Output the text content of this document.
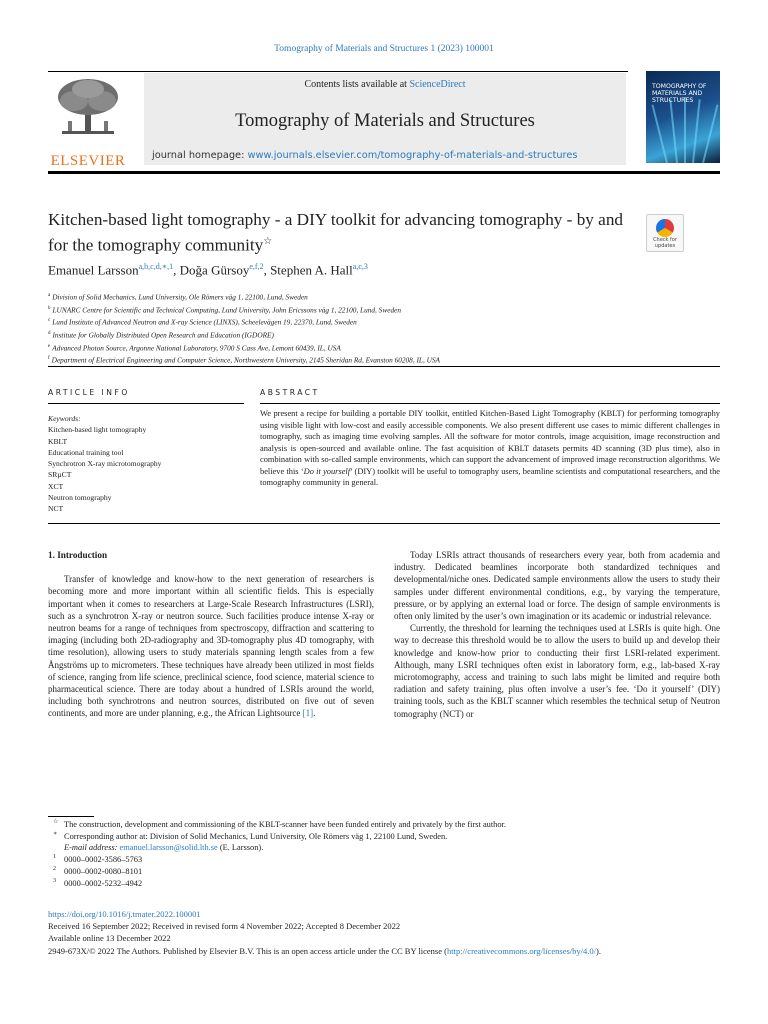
Tomography of Materials and Structures 1 (2023) 100001
ELSEVIER
Contents lists available at ScienceDirect
Tomography of Materials and Structures
journal homepage: www.journals.elsevier.com/tomography-of-materials-and-structures
TOMOGRAPHY OF MATERIALS AND STRUCTURES
Kitchen-based light tomography - a DIY toolkit for advancing tomography - by and for the tomography community☆	Check for updates
Emanuel Larsson$^{a,b,c,d,∗,1}$, Doğa Gürsoy$^{e,f,2}$, Stephen A. Hall$^{a,c,3}$
$^a$ Division of Solid Mechanics, Lund University, Ole Römers väg 1, 22100, Lund, Sweden
$^b$ LUNARC Centre for Scientific and Technical Computing, Lund University, John Ericssons väg 1, 22100, Lund, Sweden
$^c$ Lund Institute of Advanced Neutron and X-ray Science (LINXS), Scheelevägen 19, 22370, Lund, Sweden
$^d$ Institute for Globally Distributed Open Research and Education (IGDORE)
$^e$ Advanced Photon Source, Argonne National Laboratory, 9700 S Cass Ave, Lemont 60439, IL, USA
$^f$ Department of Electrical Engineering and Computer Science, Northwestern University, 2145 Sheridan Rd, Evanston 60208, IL, USA
ARTICLE INFO	ABSTRACT
Keywords:
Kitchen-based light tomography
KBLT
Educational training tool
Synchrotron X-ray microtomography
SRµCT
XCT
Neutron tomography
NCT
We present a recipe for building a portable DIY toolkit, entitled Kitchen-Based Light Tomography (KBLT) for performing tomography using visible light with low-cost and easily accessible components. We also present different use cases to mimic different challenges in tomography, such as imaging time evolving samples. All the software for motor controls, image acquisition, image reconstruction and analysis is open-sourced and available online. The fast acquisition of KBLT datasets permits 4D scanning (3D plus time), also in combination with so-called sample environments, which can support the advancement of improved image reconstruction algorithms. We believe this ‘Do it yourself’ (DIY) toolkit will be useful to tomography users, beamline scientists and computational researchers, and the tomography community in general.
1. Introduction

Transfer of knowledge and know-how to the next generation of researchers is becoming more and more important within all scientific fields. This is especially important when it comes to researchers at Large-Scale Research Infrastructures (LSRI), such as a synchrotron X-ray or neutron source. Such facilities produce intense X-ray or neutron beams for a range of techniques from spectroscopy, diffraction and scattering to imaging (including both 2D-radiography and 3D-tomography plus 4D tomography, with time resolution), allowing users to study materials spanning length scales from a few Ångströms up to micrometers. These techniques have already been utilized in most fields of science, ranging from life science, preclinical science, food science, material science to pharmaceutical science. There are today about a hundred of LSRIs around the world, including both synchrotrons and neutron sources, distributed on five out of seven continents, and more are under planning, e.g., the African Lightsource [1].

Today LSRIs attract thousands of researchers every year, both from academia and industry. Dedicated beamlines incorporate both standardized techniques and developmental/niche ones. Dedicated sample environments allow the users to study their samples under different environmental conditions, e.g., by varying the temperature, pressure, or by applying an external load or force. The design of sample environments is often only limited by the user’s own imagination or its academic or industrial relevance.

Currently, the threshold for learning the techniques used at LSRIs is quite high. One way to decrease this threshold would be to allow the users to build up and develop their knowledge and know-how prior to conducting their first LSRI-related experiment. Although, many LSRI techniques often exist in laboratory form, e.g., lab-based X-ray microtomography, access and training to such labs might be limited and require both radiation and safety training, plus often involve a user’s fee. ‘Do it yourself’ (DIY) training tools, such as the KBLT scanner which resembles the technical setup of Neutron tomography (NCT) or

☆ The construction, development and commissioning of the KBLT-scanner have been funded entirely and privately by the first author.
∗ Corresponding author at: Division of Solid Mechanics, Lund University, Ole Römers väg 1, 22100 Lund, Sweden.
E-mail address: emanuel.larsson@solid.lth.se (E. Larsson).
1 0000–0002-3586–5763
2 0000–0002-0080–8101
3 0000–0002-5232–4942
https://doi.org/10.1016/j.tmater.2022.100001
Received 16 September 2022; Received in revised form 4 November 2022; Accepted 8 December 2022
Available online 13 December 2022
2949-673X/© 2022 The Authors. Published by Elsevier B.V. This is an open access article under the CC BY license (http://creativecommons.org/licenses/by/4.0/).
